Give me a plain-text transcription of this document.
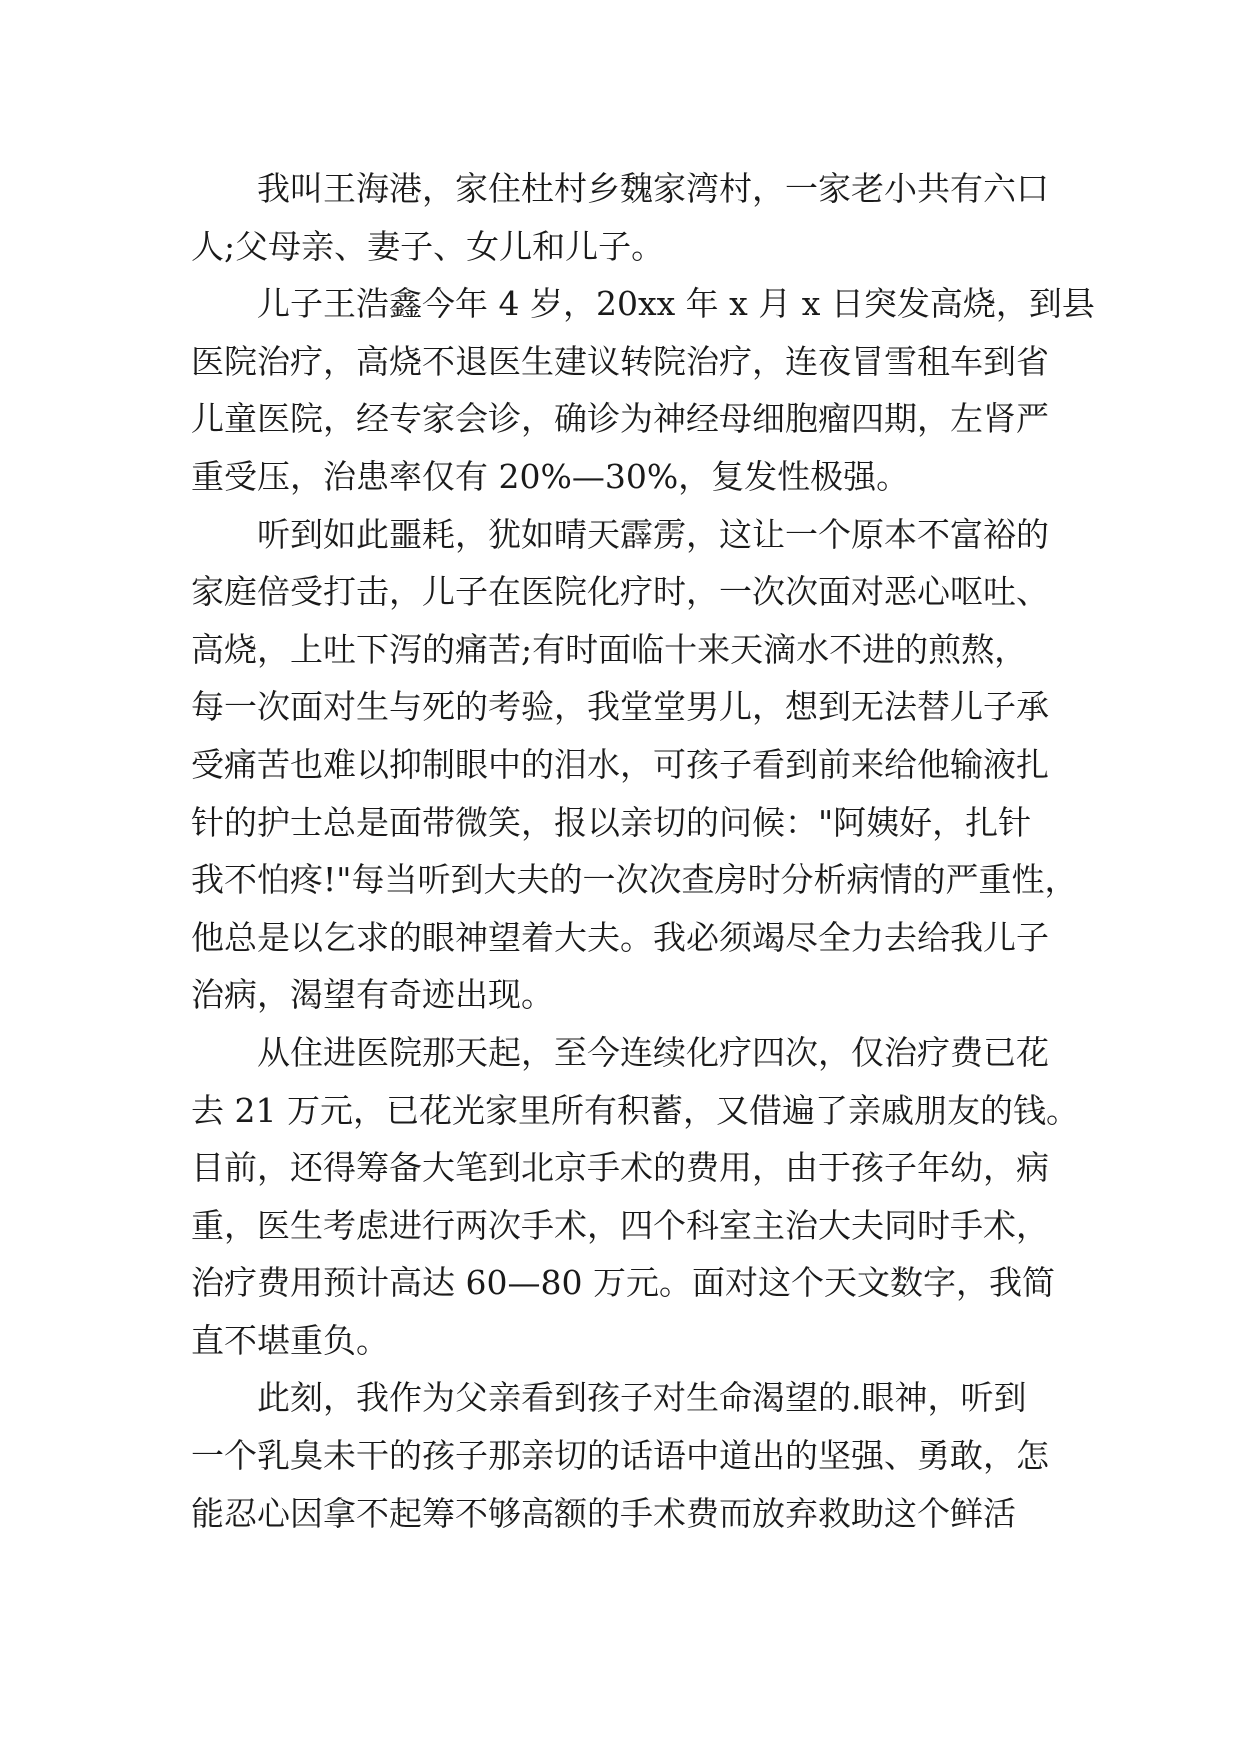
我叫王海港，家住杜村乡魏家湾村，一家老小共有六口
人;父母亲、妻子、女儿和儿子。

儿子王浩鑫今年 4 岁，20xx 年 x 月 x 日突发高烧，到县
医院治疗，高烧不退医生建议转院治疗，连夜冒雪租车到省
儿童医院，经专家会诊，确诊为神经母细胞瘤四期，左肾严
重受压，治患率仅有 20%—30%，复发性极强。

听到如此噩耗，犹如晴天霹雳，这让一个原本不富裕的
家庭倍受打击，儿子在医院化疗时，一次次面对恶心呕吐、
高烧，上吐下泻的痛苦;有时面临十来天滴水不进的煎熬，
每一次面对生与死的考验，我堂堂男儿，想到无法替儿子承
受痛苦也难以抑制眼中的泪水，可孩子看到前来给他输液扎
针的护士总是面带微笑，报以亲切的问候："阿姨好，扎针
我不怕疼!"每当听到大夫的一次次查房时分析病情的严重性，
他总是以乞求的眼神望着大夫。我必须竭尽全力去给我儿子
治病，渴望有奇迹出现。

从住进医院那天起，至今连续化疗四次，仅治疗费已花
去 21 万元，已花光家里所有积蓄，又借遍了亲戚朋友的钱。
目前，还得筹备大笔到北京手术的费用，由于孩子年幼，病
重，医生考虑进行两次手术，四个科室主治大夫同时手术，
治疗费用预计高达 60—80 万元。面对这个天文数字，我简
直不堪重负。

此刻，我作为父亲看到孩子对生命渴望的.眼神，听到
一个乳臭未干的孩子那亲切的话语中道出的坚强、勇敢，怎
能忍心因拿不起筹不够高额的手术费而放弃救助这个鲜活
